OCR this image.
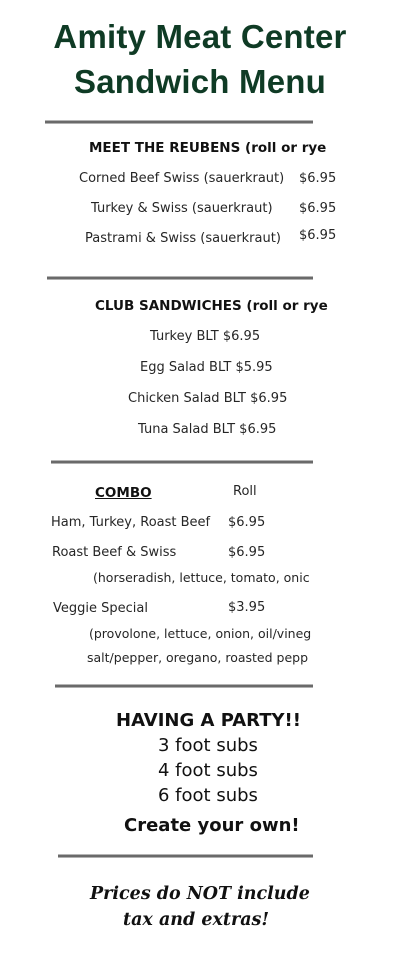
Amity Meat Center
Sandwich Menu
MEET THE REUBENS (roll or rye
Corned Beef Swiss (sauerkraut) $6.95
Turkey & Swiss (sauerkraut) $6.95
Pastrami & Swiss (sauerkraut) $6.95
CLUB SANDWICHES (roll or rye
Turkey BLT $6.95
Egg Salad BLT $5.95
Chicken Salad BLT $6.95
Tuna Salad BLT $6.95
COMBO	Roll
Ham, Turkey, Roast Beef $6.95
Roast Beef & Swiss	$6.95
(horseradish, lettuce, tomato, onic
Veggie Special	$3.95
(provolone, lettuce, onion, oil/vineg
salt/pepper, oregano, roasted pepp
HAVING A PARTY!!
3 foot subs
4 foot subs
6 foot subs
Create your own!
Prices do NOT include
tax and extras!
